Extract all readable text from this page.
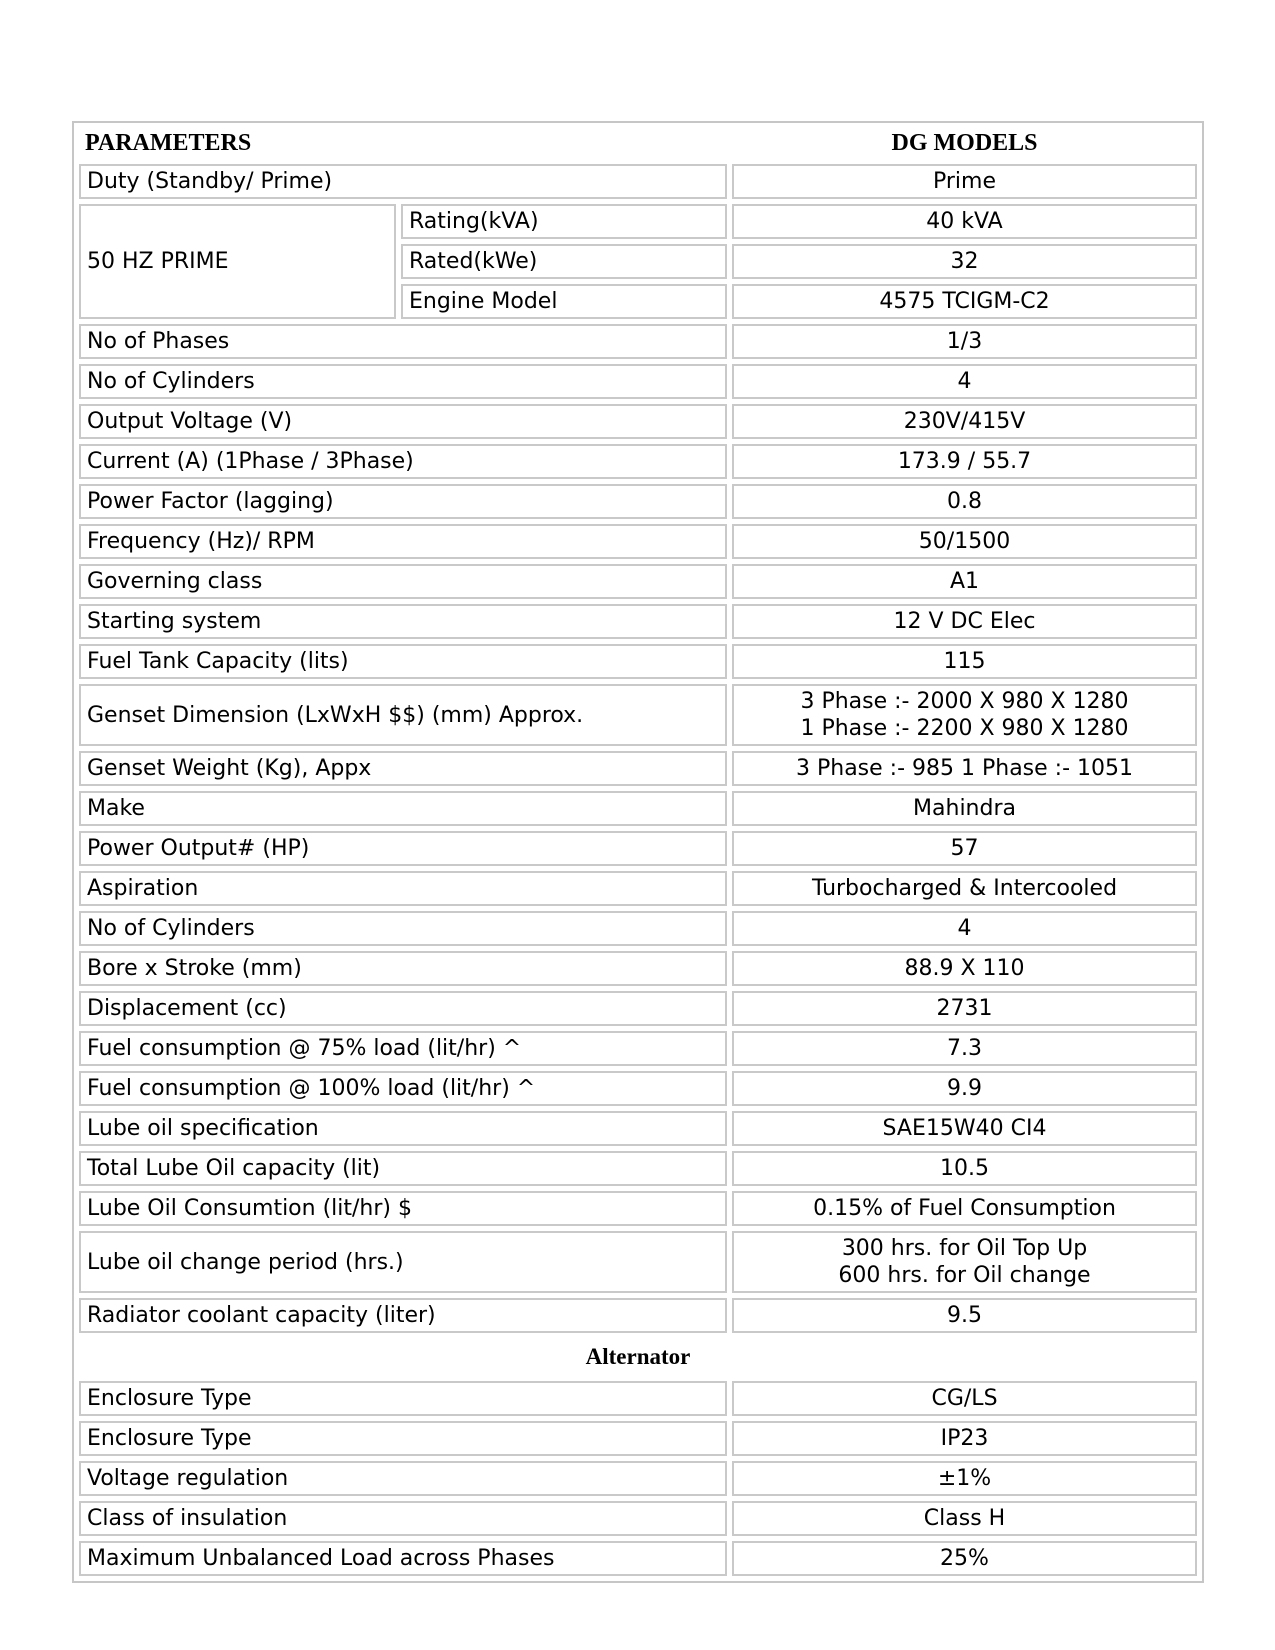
PARAMETERS		DG MODELS
Duty (Standby/ Prime)		Prime
50 HZ PRIME	Rating(kVA)	40 kVA
	Rated(kWe)	32
	Engine Model	4575 TCIGM-C2
No of Phases		1/3
No of Cylinders		4
Output Voltage (V)		230V/415V
Current (A) (1Phase / 3Phase)		173.9 / 55.7
Power Factor (lagging)		0.8
Frequency (Hz)/ RPM		50/1500
Governing class		A1
Starting system		12 V DC Elec
Fuel Tank Capacity (lits)		115
Genset Dimension (LxWxH $$) (mm) Approx.		3 Phase :- 2000 X 980 X 1280
1 Phase :- 2200 X 980 X 1280

Genset Weight (Kg), Appx		3 Phase :- 985 1 Phase :- 1051
Make		Mahindra
Power Output# (HP)		57
Aspiration		Turbocharged & Intercooled
No of Cylinders		4
Bore x Stroke (mm)		88.9 X 110
Displacement (cc)		2731
Fuel consumption @ 75% load (lit/hr) ^		7.3
Fuel consumption @ 100% load (lit/hr) ^		9.9
Lube oil specification		SAE15W40 CI4
Total Lube Oil capacity (lit)		10.5
Lube Oil Consumtion (lit/hr) $		0.15% of Fuel Consumption
Lube oil change period (hrs.)		300 hrs. for Oil Top Up
600 hrs. for Oil change

Radiator coolant capacity (liter)		9.5
Alternator		
Enclosure Type		CG/LS
Enclosure Type		IP23
Voltage regulation		±1%
Class of insulation		Class H
Maximum Unbalanced Load across Phases		25%
